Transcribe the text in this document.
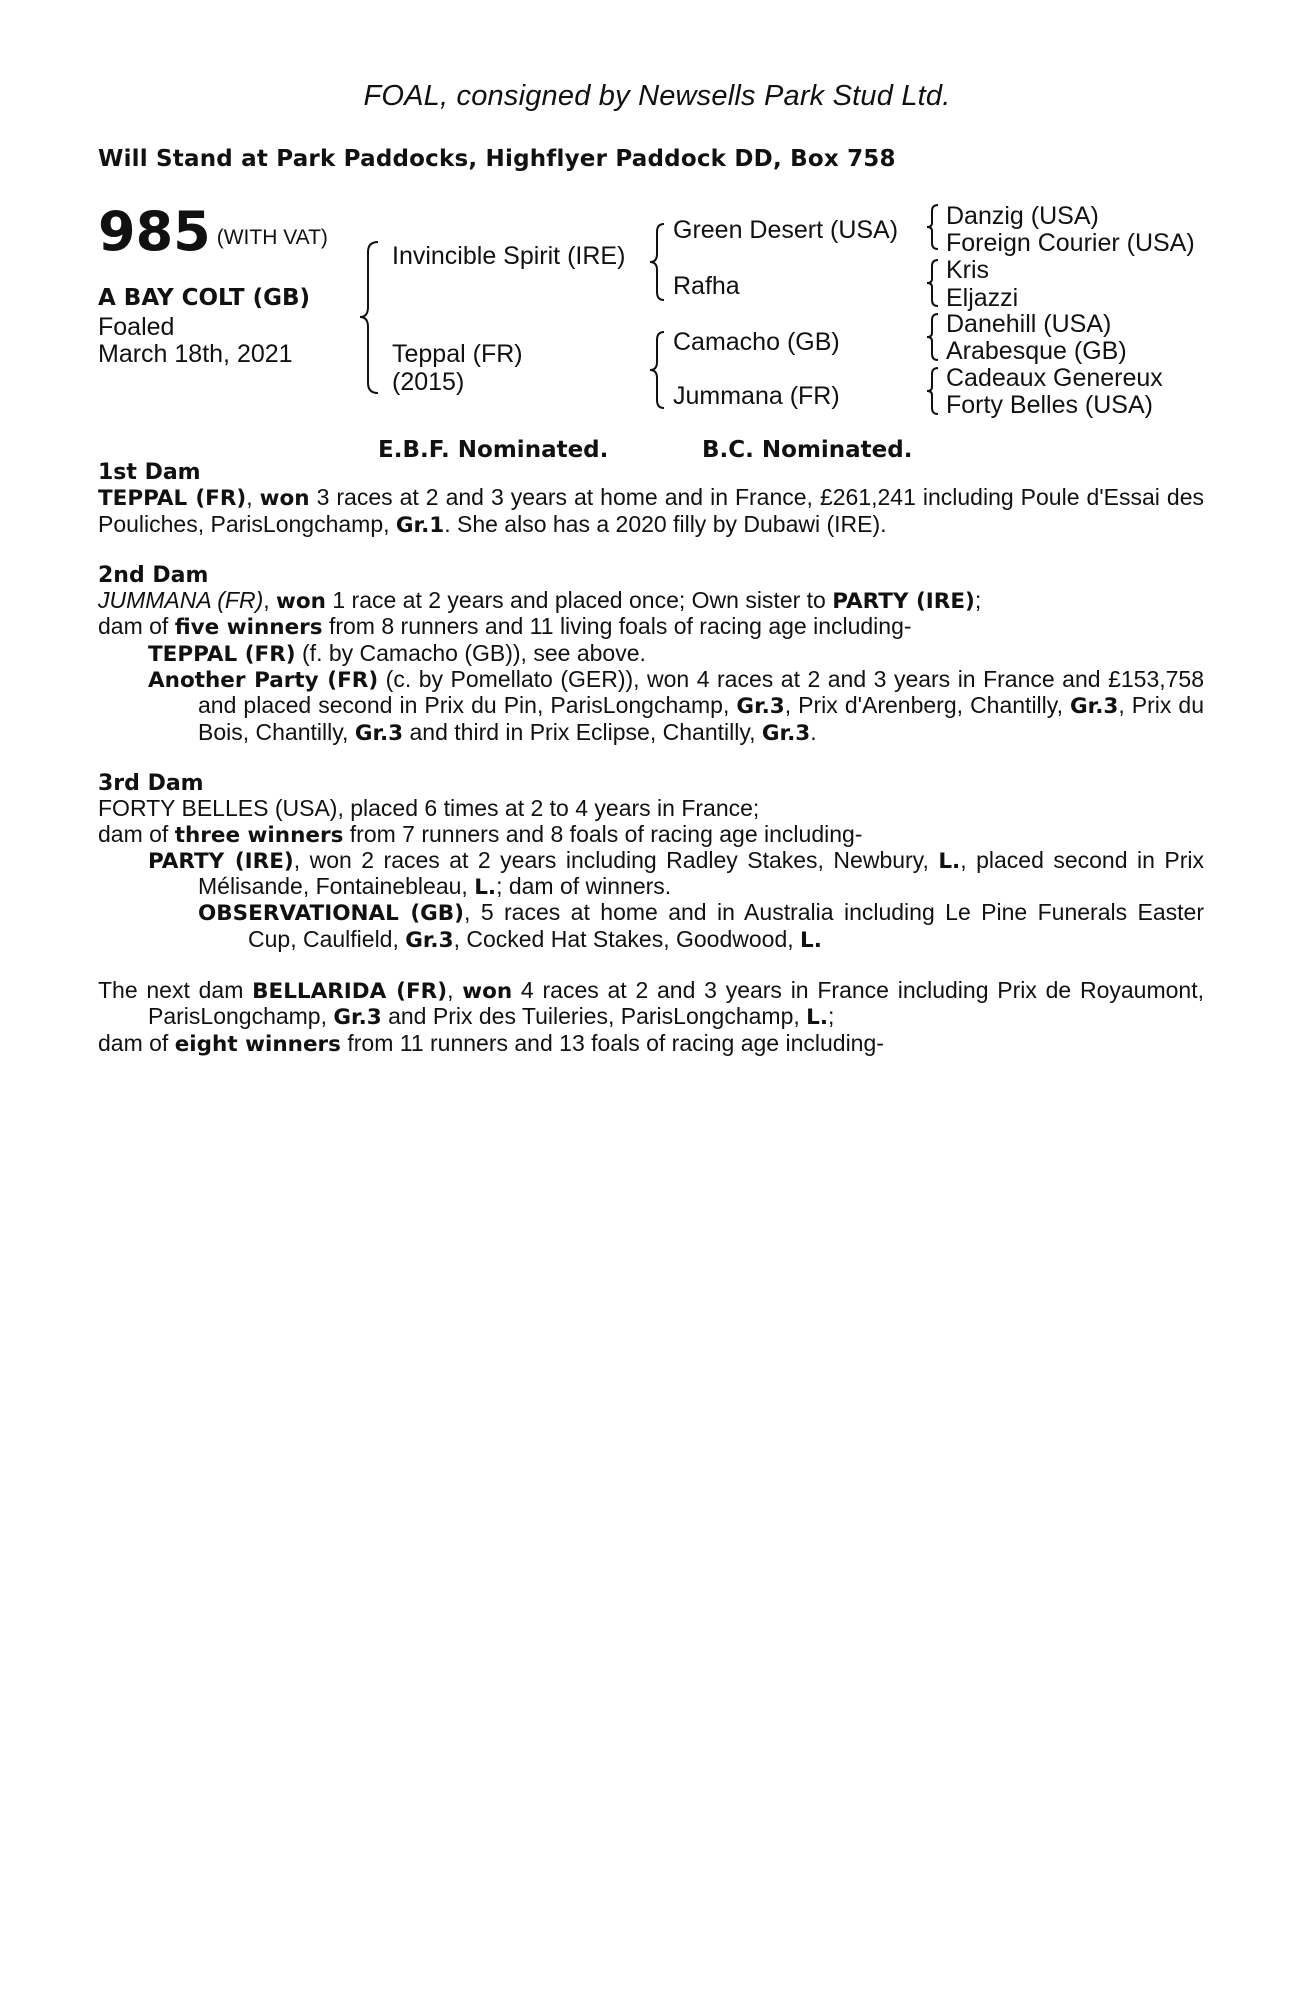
FOAL, consigned by Newsells Park Stud Ltd.
Will Stand at Park Paddocks, Highflyer Paddock DD, Box 758
985 (WITH VAT)
A BAY COLT (GB)
Foaled
March 18th, 2021
Invincible Spirit (IRE)
Teppal (FR)
(2015)
Green Desert (USA)
Rafha
Camacho (GB)
Jummana (FR)
Danzig (USA)
Foreign Courier (USA)
Kris
Eljazzi
Danehill (USA)
Arabesque (GB)
Cadeaux Genereux
Forty Belles (USA)
E.B.F. Nominated.	B.C. Nominated.

1st Dam

TEPPAL (FR), won 3 races at 2 and 3 years at home and in France, £261,241 including Poule d'Essai des Pouliches, ParisLongchamp, Gr.1. She also has a 2020 filly by Dubawi (IRE).

2nd Dam

JUMMANA (FR), won 1 race at 2 years and placed once; Own sister to PARTY (IRE);

dam of five winners from 8 runners and 11 living foals of racing age including-

TEPPAL (FR) (f. by Camacho (GB)), see above.

Another Party (FR) (c. by Pomellato (GER)), won 4 races at 2 and 3 years in France and £153,758 and placed second in Prix du Pin, ParisLongchamp, Gr.3, Prix d'Arenberg, Chantilly, Gr.3, Prix du Bois, Chantilly, Gr.3 and third in Prix Eclipse, Chantilly, Gr.3.

3rd Dam

FORTY BELLES (USA), placed 6 times at 2 to 4 years in France;

dam of three winners from 7 runners and 8 foals of racing age including-

PARTY (IRE), won 2 races at 2 years including Radley Stakes, Newbury, L., placed second in Prix Mélisande, Fontainebleau, L.; dam of winners.

OBSERVATIONAL (GB), 5 races at home and in Australia including Le Pine Funerals Easter Cup, Caulfield, Gr.3, Cocked Hat Stakes, Goodwood, L.

The next dam BELLARIDA (FR), won 4 races at 2 and 3 years in France including Prix de Royaumont, ParisLongchamp, Gr.3 and Prix des Tuileries, ParisLongchamp, L.;

dam of eight winners from 11 runners and 13 foals of racing age including-
